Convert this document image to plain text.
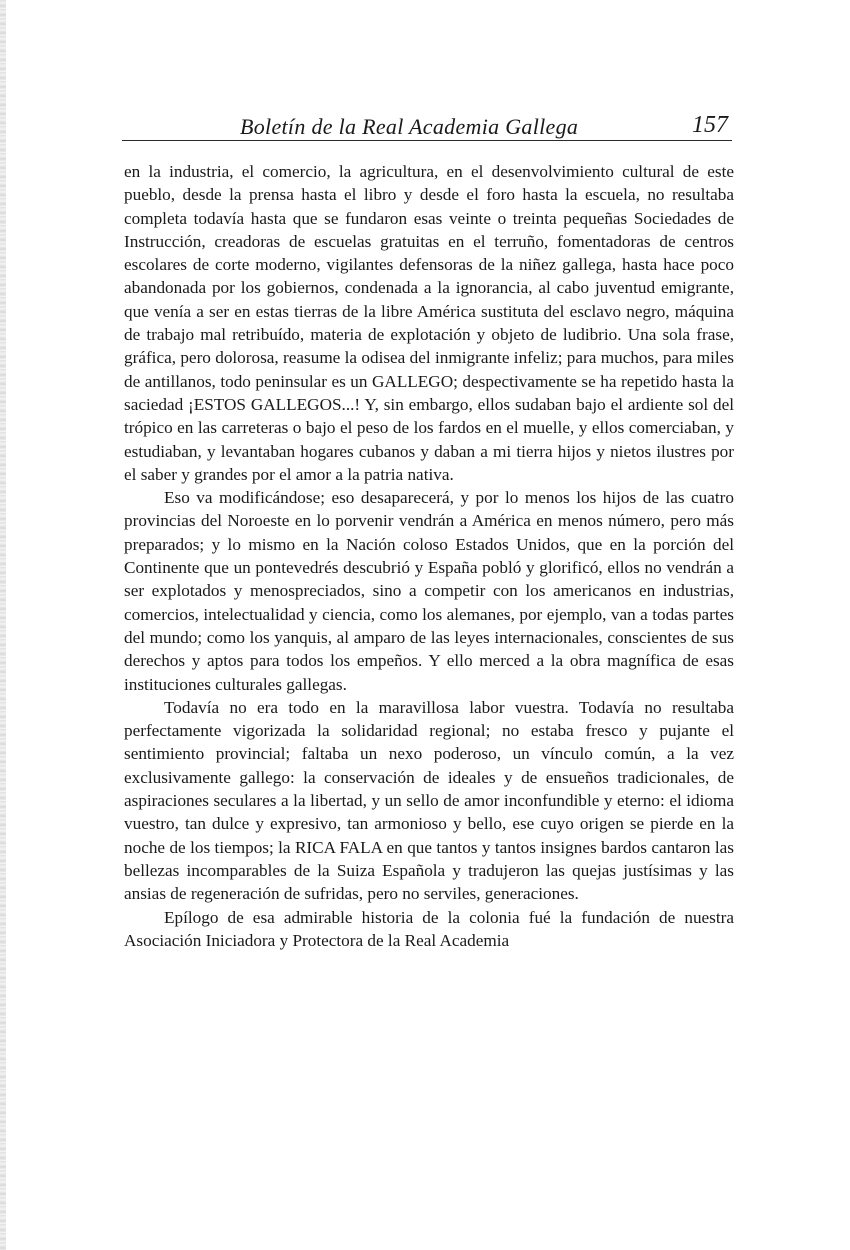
Boletín de la Real Academia Gallega	157

en la industria, el comercio, la agricultura, en el desenvolvimiento cultural de este pueblo, desde la prensa hasta el libro y desde el foro hasta la escuela, no resultaba completa todavía hasta que se fundaron esas veinte o treinta pequeñas Sociedades de Instrucción, creadoras de escuelas gratuitas en el terruño, fomentadoras de centros escolares de corte moderno, vigilantes defensoras de la niñez gallega, hasta hace poco abandonada por los gobiernos, condenada a la ignorancia, al cabo juventud emigrante, que venía a ser en estas tierras de la libre América sustituta del esclavo negro, máquina de trabajo mal retribuído, materia de explotación y objeto de ludibrio. Una sola frase, gráfica, pero dolorosa, reasume la odisea del inmigrante infeliz; para muchos, para miles de antillanos, todo peninsular es un GALLEGO; despectivamente se ha repetido hasta la saciedad ¡ESTOS GALLEGOS...! Y, sin embargo, ellos sudaban bajo el ardiente sol del trópico en las carreteras o bajo el peso de los fardos en el muelle, y ellos comerciaban, y estudiaban, y levantaban hogares cubanos y daban a mi tierra hijos y nietos ilustres por el saber y grandes por el amor a la patria nativa.

Eso va modificándose; eso desaparecerá, y por lo menos los hijos de las cuatro provincias del Noroeste en lo porvenir vendrán a América en menos número, pero más preparados; y lo mismo en la Nación coloso Estados Unidos, que en la porción del Continente que un pontevedrés descubrió y España pobló y glorificó, ellos no vendrán a ser explotados y menospreciados, sino a competir con los americanos en industrias, comercios, intelectualidad y ciencia, como los alemanes, por ejemplo, van a todas partes del mundo; como los yanquis, al amparo de las leyes internacionales, conscientes de sus derechos y aptos para todos los empeños. Y ello merced a la obra magnífica de esas instituciones culturales gallegas.

Todavía no era todo en la maravillosa labor vuestra. Todavía no resultaba perfectamente vigorizada la solidaridad regional; no estaba fresco y pujante el sentimiento provincial; faltaba un nexo poderoso, un vínculo común, a la vez exclusivamente gallego: la conservación de ideales y de ensueños tradicionales, de aspiraciones seculares a la libertad, y un sello de amor inconfundible y eterno: el idioma vuestro, tan dulce y expresivo, tan armonioso y bello, ese cuyo origen se pierde en la noche de los tiempos; la RICA FALA en que tantos y tantos insignes bardos cantaron las bellezas incomparables de la Suiza Española y tradujeron las quejas justísimas y las ansias de regeneración de sufridas, pero no serviles, generaciones.

Epílogo de esa admirable historia de la colonia fué la fundación de nuestra Asociación Iniciadora y Protectora de la Real Academia
